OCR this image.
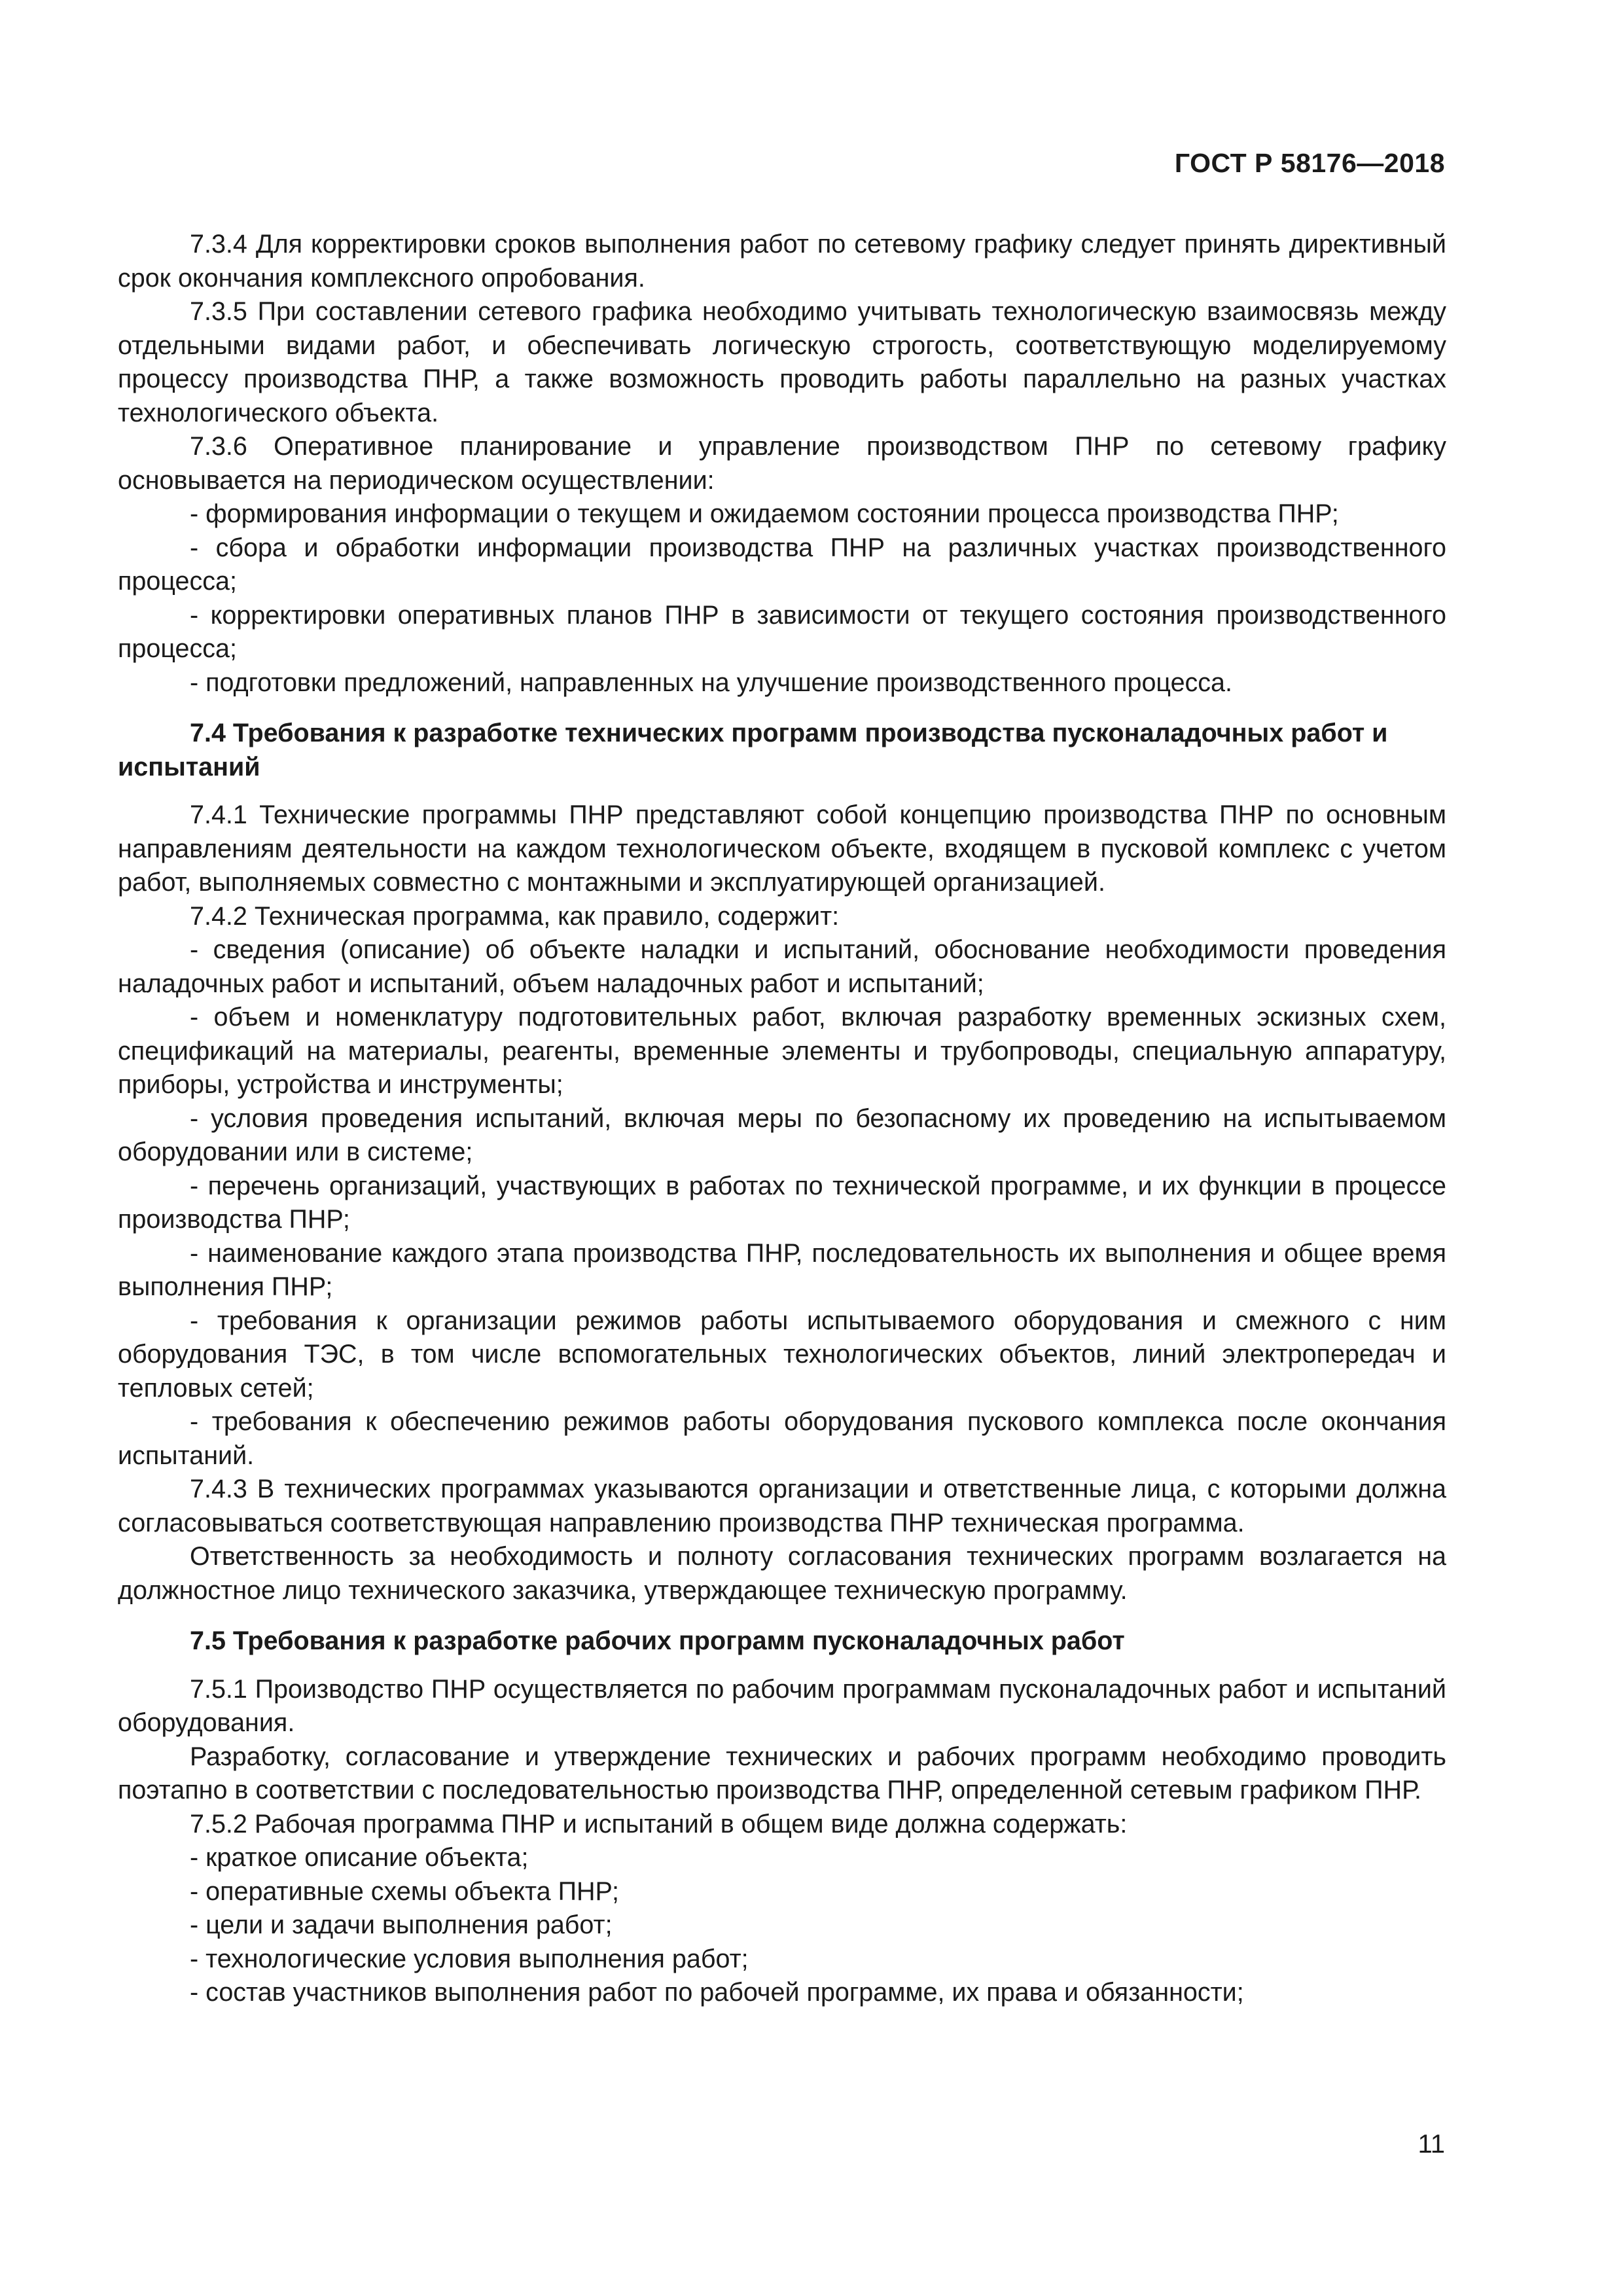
ГОСТ Р 58176—2018

7.3.4 Для корректировки сроков выполнения работ по сетевому графику следует принять директивный срок окончания комплексного опробования.

7.3.5 При составлении сетевого графика необходимо учитывать технологическую взаимосвязь между отдельными видами работ, и обеспечивать логическую строгость, соответствующую моделируемому процессу производства ПНР, а также возможность проводить работы параллельно на разных участках технологического объекта.

7.3.6 Оперативное планирование и управление производством ПНР по сетевому графику основывается на периодическом осуществлении:

- формирования информации о текущем и ожидаемом состоянии процесса производства ПНР;

- сбора и обработки информации производства ПНР на различных участках производственного процесса;

- корректировки оперативных планов ПНР в зависимости от текущего состояния производственного процесса;

- подготовки предложений, направленных на улучшение производственного процесса.

7.4 Требования к разработке технических программ производства пусконаладочных работ и испытаний

7.4.1 Технические программы ПНР представляют собой концепцию производства ПНР по основным направлениям деятельности на каждом технологическом объекте, входящем в пусковой комплекс с учетом работ, выполняемых совместно с монтажными и эксплуатирующей организацией.

7.4.2 Техническая программа, как правило, содержит:

- сведения (описание) об объекте наладки и испытаний, обоснование необходимости проведения наладочных работ и испытаний, объем наладочных работ и испытаний;

- объем и номенклатуру подготовительных работ, включая разработку временных эскизных схем, спецификаций на материалы, реагенты, временные элементы и трубопроводы, специальную аппаратуру, приборы, устройства и инструменты;

- условия проведения испытаний, включая меры по безопасному их проведению на испытываемом оборудовании или в системе;

- перечень организаций, участвующих в работах по технической программе, и их функции в процессе производства ПНР;

- наименование каждого этапа производства ПНР, последовательность их выполнения и общее время выполнения ПНР;

- требования к организации режимов работы испытываемого оборудования и смежного с ним оборудования ТЭС, в том числе вспомогательных технологических объектов, линий электропередач и тепловых сетей;

- требования к обеспечению режимов работы оборудования пускового комплекса после окончания испытаний.

7.4.3 В технических программах указываются организации и ответственные лица, с которыми должна согласовываться соответствующая направлению производства ПНР техническая программа.

Ответственность за необходимость и полноту согласования технических программ возлагается на должностное лицо технического заказчика, утверждающее техническую программу.

7.5 Требования к разработке рабочих программ пусконаладочных работ

7.5.1 Производство ПНР осуществляется по рабочим программам пусконаладочных работ и испытаний оборудования.

Разработку, согласование и утверждение технических и рабочих программ необходимо проводить поэтапно в соответствии с последовательностью производства ПНР, определенной сетевым графиком ПНР.

7.5.2 Рабочая программа ПНР и испытаний в общем виде должна содержать:

- краткое описание объекта;

- оперативные схемы объекта ПНР;

- цели и задачи выполнения работ;

- технологические условия выполнения работ;

- состав участников выполнения работ по рабочей программе, их права и обязанности;

11
